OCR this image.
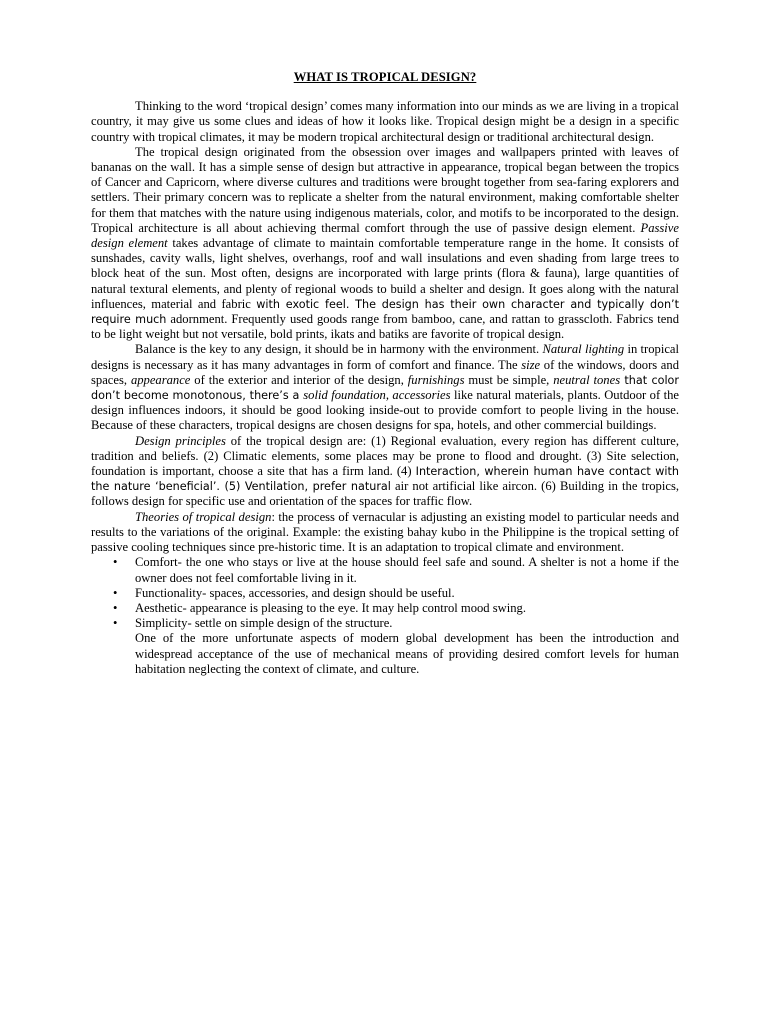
WHAT IS TROPICAL DESIGN?

Thinking to the word ‘tropical design’ comes many information into our minds as we are living in a tropical country, it may give us some clues and ideas of how it looks like. Tropical design might be a design in a specific country with tropical climates, it may be modern tropical architectural design or traditional architectural design.

The tropical design originated from the obsession over images and wallpapers printed with leaves of bananas on the wall. It has a simple sense of design but attractive in appearance, tropical began between the tropics of Cancer and Capricorn, where diverse cultures and traditions were brought together from sea-faring explorers and settlers. Their primary concern was to replicate a shelter from the natural environment, making comfortable shelter for them that matches with the nature using indigenous materials, color, and motifs to be incorporated to the design. Tropical architecture is all about achieving thermal comfort through the use of passive design element. Passive design element takes advantage of climate to maintain comfortable temperature range in the home. It consists of sunshades, cavity walls, light shelves, overhangs, roof and wall insulations and even shading from large trees to block heat of the sun. Most often, designs are incorporated with large prints (flora & fauna), large quantities of natural textural elements, and plenty of regional woods to build a shelter and design. It goes along with the natural influences, material and fabric with exotic feel. The design has their own character and typically don’t require much adornment. Frequently used goods range from bamboo, cane, and rattan to grasscloth. Fabrics tend to be light weight but not versatile, bold prints, ikats and batiks are favorite of tropical design.

Balance is the key to any design, it should be in harmony with the environment. Natural lighting in tropical designs is necessary as it has many advantages in form of comfort and finance. The size of the windows, doors and spaces, appearance of the exterior and interior of the design, furnishings must be simple, neutral tones that color don’t become monotonous, there’s a solid foundation, accessories like natural materials, plants. Outdoor of the design influences indoors, it should be good looking inside-out to provide comfort to people living in the house. Because of these characters, tropical designs are chosen designs for spa, hotels, and other commercial buildings.

Design principles of the tropical design are: (1) Regional evaluation, every region has different culture, tradition and beliefs. (2) Climatic elements, some places may be prone to flood and drought. (3) Site selection, foundation is important, choose a site that has a firm land. (4) Interaction, wherein human have contact with the nature ‘beneficial’. (5) Ventilation, prefer natural air not artificial like aircon. (6) Building in the tropics, follows design for specific use and orientation of the spaces for traffic flow.

Theories of tropical design: the process of vernacular is adjusting an existing model to particular needs and results to the variations of the original. Example: the existing bahay kubo in the Philippine is the tropical setting of passive cooling techniques since pre-historic time. It is an adaptation to tropical climate and environment.

• Comfort- the one who stays or live at the house should feel safe and sound. A shelter is not a home if the owner does not feel comfortable living in it.
• Functionality- spaces, accessories, and design should be useful.
• Aesthetic- appearance is pleasing to the eye. It may help control mood swing.
• Simplicity- settle on simple design of the structure.

One of the more unfortunate aspects of modern global development has been the introduction and widespread acceptance of the use of mechanical means of providing desired comfort levels for human habitation neglecting the context of climate, and culture.
